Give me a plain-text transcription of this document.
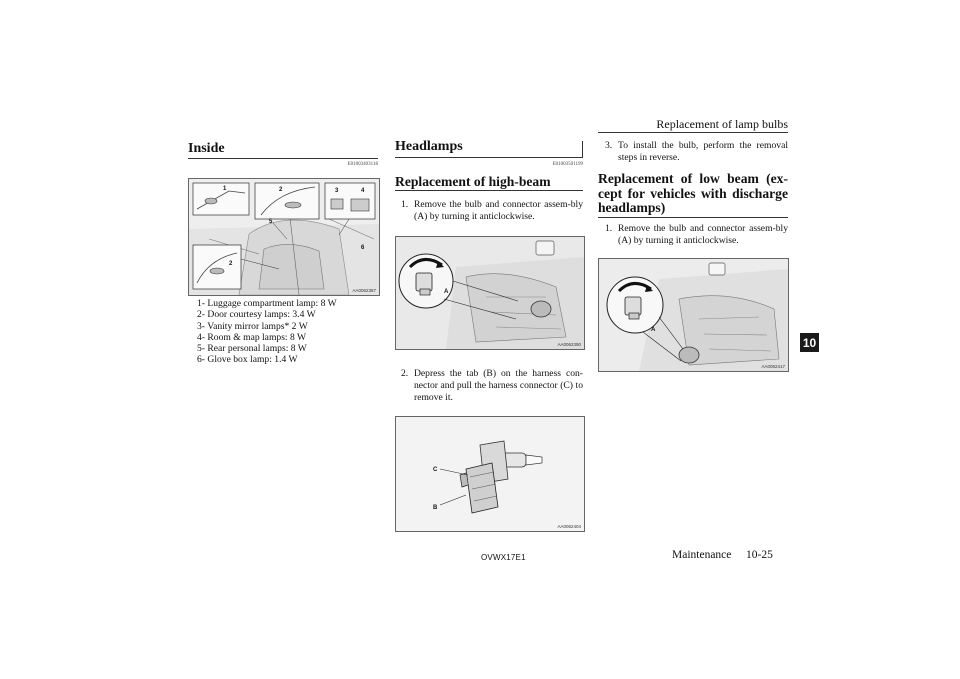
Replacement of lamp bulbs
Inside
E01003403118
1	2	3	4
2
5
6
AA0062387
1- Luggage compartment lamp: 8 W
2- Door courtesy lamps: 3.4 W
3- Vanity mirror lamps* 2 W
4- Room & map lamps: 8 W
5- Rear personal lamps: 8 W
6- Glove box lamp: 1.4 W
Headlamps
E01003501199
Replacement of high-beam
1. Remove the bulb and connector assem-bly (A) by turning it anticlockwise.
A
AA0062390
2. Depress the tab (B) on the harness con-nector and pull the harness connector (C) to remove it.
C
B
AA0062404
3. To install the bulb, perform the removal steps in reverse.
Replacement of low beam (ex-
cept for vehicles with discharge
headlamps)
1. Remove the bulb and connector assem-bly (A) by turning it anticlockwise.
A
AA0062417
10
OVWX17E1	Maintenance 10-25
